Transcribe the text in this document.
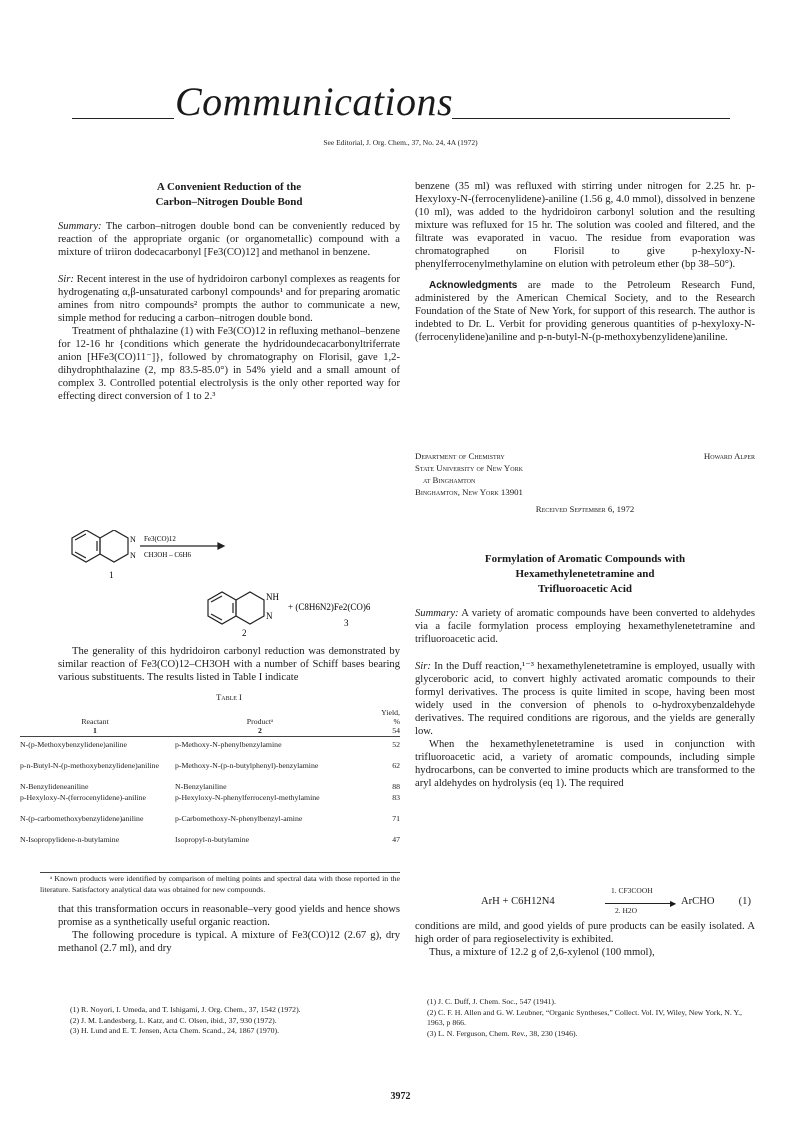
Communications
See Editorial, J. Org. Chem., 37, No. 24, 4A (1972)

A Convenient Reduction of the

Carbon–Nitrogen Double Bond

Summary: The carbon–nitrogen double bond can be conveniently reduced by reaction of the appropriate organic (or organometallic) compound with a mixture of triiron dodecacarbonyl [Fe3(CO)12] and methanol in benzene.

Sir: Recent interest in the use of hydridoiron carbonyl complexes as reagents for hydrogenating α,β-unsaturated carbonyl compounds¹ and for preparing aromatic amines from nitro compounds² prompts the author to communicate a new, simple method for reducing a carbon–nitrogen double bond.

Treatment of phthalazine (1) with Fe3(CO)12 in refluxing methanol–benzene for 12-16 hr {conditions which generate the hydridoundecacarbonyltriferrate anion [HFe3(CO)11⁻]}, followed by chromatography on Florisil, gave 1,2-dihydrophthalazine (2, mp 83.5-85.0°) in 54% yield and a small amount of complex 3. Controlled potential electrolysis is the only other reported way for effecting direct conversion of 1 to 2.³

N
N
Fe3(CO)12
CH3OH – C6H6
1
NH
N
+ (C8H6N2)Fe2(CO)6
2
3

The generality of this hydridoiron carbonyl reduction was demonstrated by similar reaction of Fe3(CO)12–CH3OH with a number of Schiff bases bearing various substituents. The results listed in Table I indicate

Table I
Yield,
Reactant	Productᵃ	%
1	2	54
N-(p-Methoxybenzylidene)aniline	p-Methoxy-N-phenylbenzylamine	52
p-n-Butyl-N-(p-methoxybenzylidene)aniline	p-Methoxy-N-(p-n-butylphenyl)-benzylamine	62
N-Benzylideneaniline	N-Benzylaniline	88
p-Hexyloxy-N-(ferrocenylidene)-aniline	p-Hexyloxy-N-phenylferrocenyl-methylamine	83
N-(p-carbomethoxybenzylidene)aniline	p-Carbomethoxy-N-phenylbenzyl-amine	71
N-Isopropylidene-n-butylamine	Isopropyl-n-butylamine	47
ᵃ Known products were identified by comparison of melting points and spectral data with those reported in the literature. Satisfactory analytical data was obtained for new compounds.

that this transformation occurs in reasonable–very good yields and hence shows promise as a synthetically useful organic reaction.

The following procedure is typical. A mixture of Fe3(CO)12 (2.67 g), dry methanol (2.7 ml), and dry

(1) R. Noyori, I. Umeda, and T. Ishigami, J. Org. Chem., 37, 1542 (1972).
(2) J. M. Landesberg, L. Katz, and C. Olsen, ibid., 37, 930 (1972).
(3) H. Lund and E. T. Jensen, Acta Chem. Scand., 24, 1867 (1970).

benzene (35 ml) was refluxed with stirring under nitrogen for 2.25 hr. p-Hexyloxy-N-(ferrocenylidene)-aniline (1.56 g, 4.0 mmol), dissolved in benzene (10 ml), was added to the hydridoiron carbonyl solution and the resulting mixture was refluxed for 15 hr. The solution was cooled and filtered, and the filtrate was evaporated in vacuo. The residue from evaporation was chromatographed on Florisil to give p-hexyloxy-N-phenylferrocenylmethylamine on elution with petroleum ether (bp 38–50°).

Acknowledgments are made to the Petroleum Research Fund, administered by the American Chemical Society, and to the Research Foundation of the State of New York, for support of this research. The author is indebted to Dr. L. Verbit for providing generous quantities of p-hexyloxy-N-(ferrocenylidene)aniline and p-n-butyl-N-(p-methoxybenzylidene)aniline.

Department of Chemistry
State University of New York
at Binghamton
Binghamton, New York 13901
Howard Alper
Received September 6, 1972

Formylation of Aromatic Compounds with

Hexamethylenetetramine and

Trifluoroacetic Acid

Summary: A variety of aromatic compounds have been converted to aldehydes via a facile formylation process employing hexamethylenetetramine and trifluoroacetic acid.

Sir: In the Duff reaction,¹⁻³ hexamethylenetetramine is employed, usually with glyceroboric acid, to convert highly activated aromatic compounds to their formyl derivatives. The process is quite limited in scope, having been most widely used in the conversion of phenols to o-hydroxybenzaldehyde derivatives. The required conditions are rigorous, and the yields are generally low.

When the hexamethylenetetramine is used in conjunction with trifluoroacetic acid, a variety of aromatic compounds, including simple hydrocarbons, can be converted to imine products which are transformed to the aryl aldehydes on hydrolysis (eq 1). The required

ArH + C6H12N4
1. CF3COOH
▶
2. H2O
ArCHO (1)

conditions are mild, and good yields of pure products can be easily isolated. A high order of para regioselectivity is exhibited.

Thus, a mixture of 12.2 g of 2,6-xylenol (100 mmol),

(1) J. C. Duff, J. Chem. Soc., 547 (1941).
(2) C. F. H. Allen and G. W. Leubner, “Organic Syntheses,” Collect. Vol. IV, Wiley, New York, N. Y., 1963, p 866.
(3) L. N. Ferguson, Chem. Rev., 38, 230 (1946).
3972
